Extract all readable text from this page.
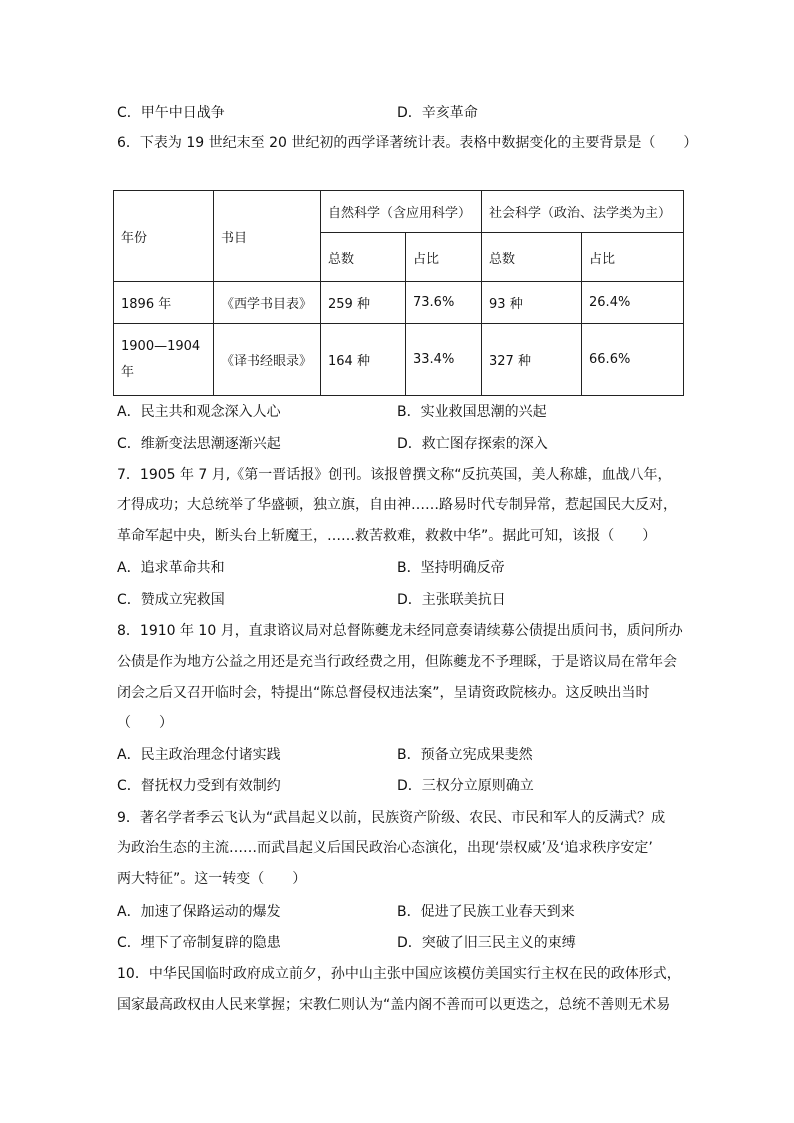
C．甲午中日战争	D．辛亥革命
6．下表为 19 世纪末至 20 世纪初的西学译著统计表。表格中数据变化的主要背景是（　　）
年份	书目	自然科学（含应用科学）		社会科学（政治、法学类为主）	
		总数	占比	总数	占比
1896 年	《西学书目表》	259 种	73.6%	93 种	26.4%
1900—1904 年	《译书经眼录》	164 种	33.4%	327 种	66.6%
A．民主共和观念深入人心	B．实业救国思潮的兴起
C．维新变法思潮逐渐兴起	D．救亡图存探索的深入
7．1905 年 7 月,《第一晋话报》创刊。该报曾撰文称“反抗英国，美人称雄，血战八年，
才得成功；大总统举了华盛顿，独立旗，自由神……路易时代专制异常，惹起国民大反对，
革命军起中央，断头台上斩魔王，……救苦救难，救救中华”。据此可知，该报（　　）
A．追求革命共和	B．坚持明确反帝
C．赞成立宪救国	D．主张联美抗日
8．1910 年 10 月，直隶谘议局对总督陈夔龙未经同意奏请续募公债提出质问书，质问所办
公债是作为地方公益之用还是充当行政经费之用，但陈夔龙不予理睬，于是谘议局在常年会
闭会之后又召开临时会，特提出“陈总督侵权违法案”，呈请资政院核办。这反映出当时
（　　）
A．民主政治理念付诸实践	B．预备立宪成果斐然
C．督抚权力受到有效制约	D．三权分立原则确立
9．著名学者季云飞认为“武昌起义以前，民族资产阶级、农民、市民和军人的反满式？成
为政治生态的主流……而武昌起义后国民政治心态演化，出现‘崇权威’及‘追求秩序安定’
两大特征”。这一转变（　　）
A．加速了保路运动的爆发	B．促进了民族工业春天到来
C．埋下了帝制复辟的隐患	D．突破了旧三民主义的束缚
10．中华民国临时政府成立前夕，孙中山主张中国应该模仿美国实行主权在民的政体形式，
国家最高政权由人民来掌握；宋教仁则认为“盖内阁不善而可以更迭之，总统不善则无术易
